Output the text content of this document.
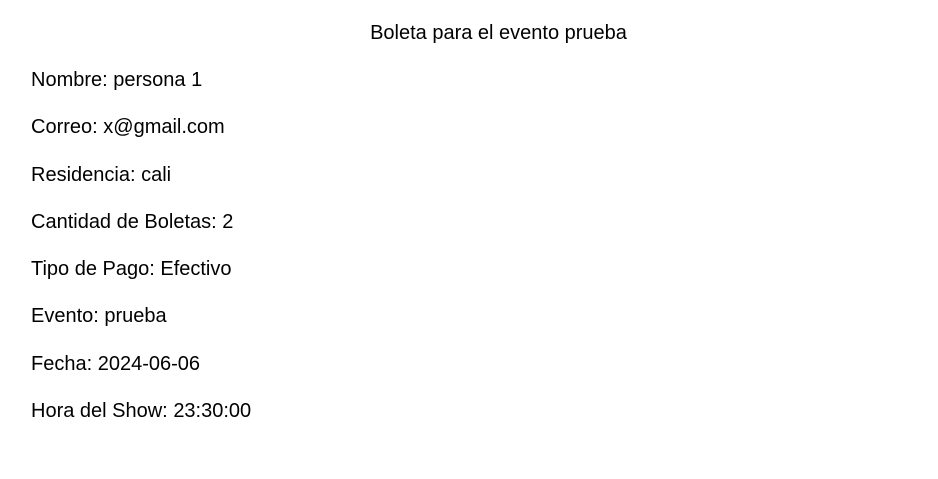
Boleta para el evento prueba
Nombre: persona 1
Correo: x@gmail.com
Residencia: cali
Cantidad de Boletas: 2
Tipo de Pago: Efectivo
Evento: prueba
Fecha: 2024-06-06
Hora del Show: 23:30:00
